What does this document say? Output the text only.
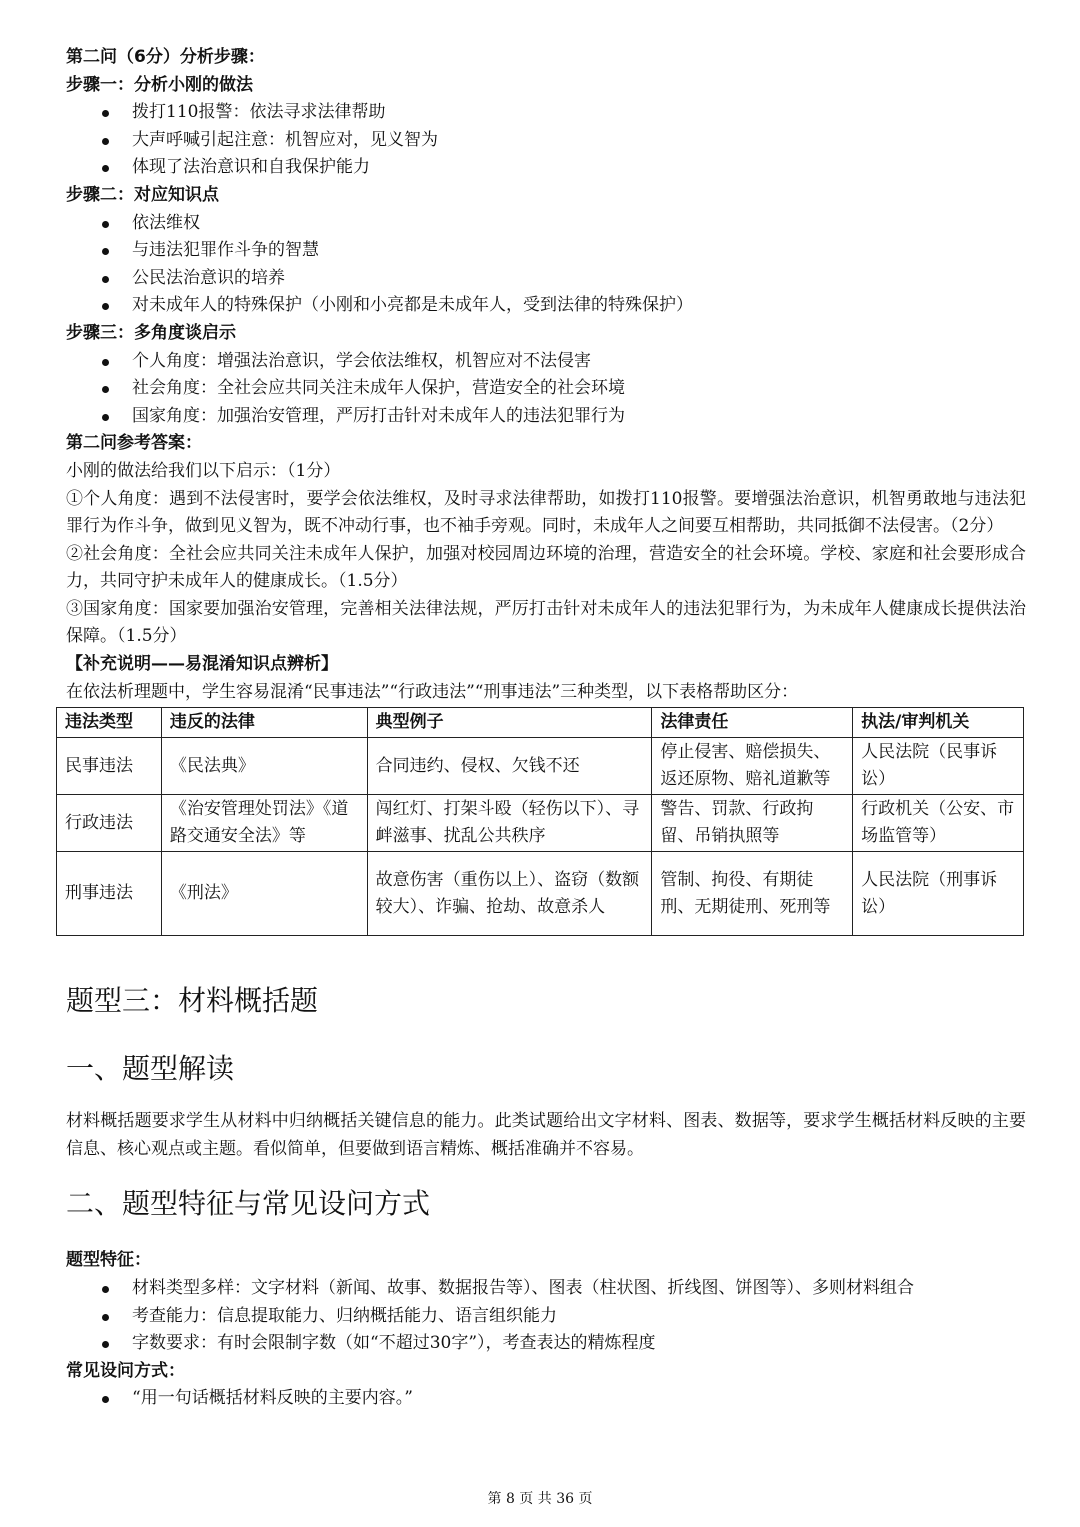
第二问（6分）分析步骤：
步骤一：分析小刚的做法
拨打110报警：依法寻求法律帮助
大声呼喊引起注意：机智应对，见义智为
体现了法治意识和自我保护能力
步骤二：对应知识点
依法维权
与违法犯罪作斗争的智慧
公民法治意识的培养
对未成年人的特殊保护（小刚和小亮都是未成年人，受到法律的特殊保护）
步骤三：多角度谈启示
个人角度：增强法治意识，学会依法维权，机智应对不法侵害
社会角度：全社会应共同关注未成年人保护，营造安全的社会环境
国家角度：加强治安管理，严厉打击针对未成年人的违法犯罪行为
第二问参考答案：
小刚的做法给我们以下启示：（1分）
①个人角度：遇到不法侵害时，要学会依法维权，及时寻求法律帮助，如拨打110报警。要增强法治意识，机智勇敢地与违法犯罪行为作斗争，做到见义智为，既不冲动行事，也不袖手旁观。同时，未成年人之间要互相帮助，共同抵御不法侵害。（2分）
②社会角度：全社会应共同关注未成年人保护，加强对校园周边环境的治理，营造安全的社会环境。学校、家庭和社会要形成合力，共同守护未成年人的健康成长。（1.5分）
③国家角度：国家要加强治安管理，完善相关法律法规，严厉打击针对未成年人的违法犯罪行为，为未成年人健康成长提供法治保障。（1.5分）
【补充说明——易混淆知识点辨析】
在依法析理题中，学生容易混淆“民事违法”“行政违法”“刑事违法”三种类型，以下表格帮助区分：
违法类型	违反的法律	典型例子	法律责任	执法/审判机关
民事违法	《民法典》	合同违约、侵权、欠钱不还	停止侵害、赔偿损失、返还原物、赔礼道歉等	人民法院（民事诉讼）
行政违法	《治安管理处罚法》《道路交通安全法》等	闯红灯、打架斗殴（轻伤以下）、寻衅滋事、扰乱公共秩序	警告、罚款、行政拘留、吊销执照等	行政机关（公安、市场监管等）
刑事违法	《刑法》	故意伤害（重伤以上）、盗窃（数额较大）、诈骗、抢劫、故意杀人	管制、拘役、有期徒刑、无期徒刑、死刑等	人民法院（刑事诉讼）
题型三：材料概括题
一、题型解读
材料概括题要求学生从材料中归纳概括关键信息的能力。此类试题给出文字材料、图表、数据等，要求学生概括材料反映的主要信息、核心观点或主题。看似简单，但要做到语言精炼、概括准确并不容易。
二、题型特征与常见设问方式
题型特征：
材料类型多样：文字材料（新闻、故事、数据报告等）、图表（柱状图、折线图、饼图等）、多则材料组合
考查能力：信息提取能力、归纳概括能力、语言组织能力
字数要求：有时会限制字数（如“不超过30字”），考查表达的精炼程度
常见设问方式：
“用一句话概括材料反映的主要内容。”
第 8 页 共 36 页
